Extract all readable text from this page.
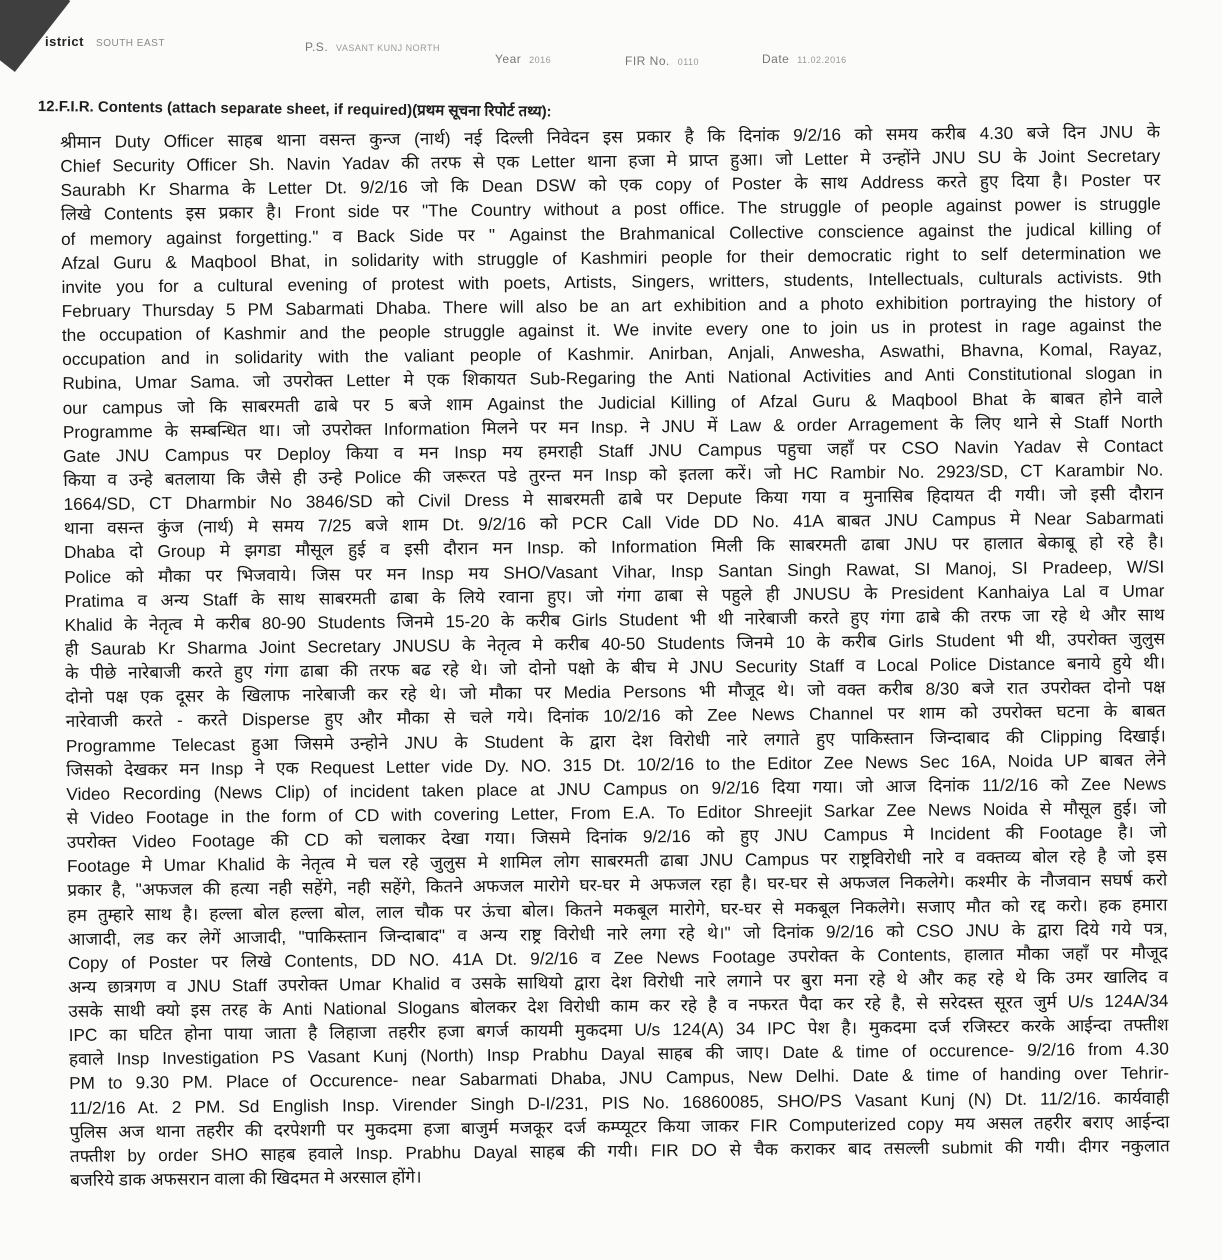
istrict SOUTH EAST	P.S. VASANT KUNJ NORTH
Year 2016	FIR No. 0110	Date 11.02.2016
12.F.I.R. Contents (attach separate sheet, if required)(प्रथम सूचना रिपोर्ट तथ्य):
श्रीमान Duty Officer साहब थाना वसन्त कुन्ज (नार्थ) नई दिल्ली निवेदन इस प्रकार है कि दिनांक 9/2/16 को समय करीब 4.30 बजे दिन JNU के
Chief Security Officer Sh. Navin Yadav की तरफ से एक Letter थाना हजा मे प्राप्त हुआ। जो Letter मे उन्होंने JNU SU के Joint Secretary
Saurabh Kr Sharma के Letter Dt. 9/2/16 जो कि Dean DSW को एक copy of Poster के साथ Address करते हुए दिया है। Poster पर
लिखे Contents इस प्रकार है। Front side पर "The Country without a post office. The struggle of people against power is struggle
of memory against forgetting." व Back Side पर " Against the Brahmanical Collective conscience against the judical killing of
Afzal Guru & Maqbool Bhat, in solidarity with struggle of Kashmiri people for their democratic right to self determination we
invite you for a cultural evening of protest with poets, Artists, Singers, writters, students, Intellectuals, culturals activists. 9th
February Thursday 5 PM Sabarmati Dhaba. There will also be an art exhibition and a photo exhibition portraying the history of
the occupation of Kashmir and the people struggle against it. We invite every one to join us in protest in rage against the
occupation and in solidarity with the valiant people of Kashmir. Anirban, Anjali, Anwesha, Aswathi, Bhavna, Komal, Rayaz,
Rubina, Umar Sama. जो उपरोक्त Letter मे एक शिकायत Sub-Regaring the Anti National Activities and Anti Constitutional slogan in
our campus जो कि साबरमती ढाबे पर 5 बजे शाम Against the Judicial Killing of Afzal Guru & Maqbool Bhat के बाबत होने वाले
Programme के सम्बन्धित था। जो उपरोक्त Information मिलने पर मन Insp. ने JNU में Law & order Arragement के लिए थाने से Staff North
Gate JNU Campus पर Deploy किया व मन Insp मय हमराही Staff JNU Campus पहुचा जहाँ पर CSO Navin Yadav से Contact
किया व उन्हे बतलाया कि जैसे ही उन्हे Police की जरूरत पडे तुरन्त मन Insp को इतला करें। जो HC Rambir No. 2923/SD, CT Karambir No.
1664/SD, CT Dharmbir No 3846/SD को Civil Dress मे साबरमती ढाबे पर Depute किया गया व मुनासिब हिदायत दी गयी। जो इसी दौरान
थाना वसन्त कुंज (नार्थ) मे समय 7/25 बजे शाम Dt. 9/2/16 को PCR Call Vide DD No. 41A बाबत JNU Campus मे Near Sabarmati
Dhaba दो Group मे झगडा मौसूल हुई व इसी दौरान मन Insp. को Information मिली कि साबरमती ढाबा JNU पर हालात बेकाबू हो रहे है।
Police को मौका पर भिजवाये। जिस पर मन Insp मय SHO/Vasant Vihar, Insp Santan Singh Rawat, SI Manoj, SI Pradeep, W/SI
Pratima व अन्य Staff के साथ साबरमती ढाबा के लिये रवाना हुए। जो गंगा ढाबा से पहुले ही JNUSU के President Kanhaiya Lal व Umar
Khalid के नेतृत्व मे करीब 80-90 Students जिनमे 15-20 के करीब Girls Student भी थी नारेबाजी करते हुए गंगा ढाबे की तरफ जा रहे थे और साथ
ही Saurab Kr Sharma Joint Secretary JNUSU के नेतृत्व मे करीब 40-50 Students जिनमे 10 के करीब Girls Student भी थी, उपरोक्त जुलुस
के पीछे नारेबाजी करते हुए गंगा ढाबा की तरफ बढ रहे थे। जो दोनो पक्षो के बीच मे JNU Security Staff व Local Police Distance बनाये हुये थी।
दोनो पक्ष एक दूसर के खिलाफ नारेबाजी कर रहे थे। जो मौका पर Media Persons भी मौजूद थे। जो वक्त करीब 8/30 बजे रात उपरोक्त दोनो पक्ष
नारेवाजी करते - करते Disperse हुए और मौका से चले गये। दिनांक 10/2/16 को Zee News Channel पर शाम को उपरोक्त घटना के बाबत
Programme Telecast हुआ जिसमे उन्होने JNU के Student के द्वारा देश विरोधी नारे लगाते हुए पाकिस्तान जिन्दाबाद की Clipping दिखाई।
जिसको देखकर मन Insp ने एक Request Letter vide Dy. NO. 315 Dt. 10/2/16 to the Editor Zee News Sec 16A, Noida UP बाबत लेने
Video Recording (News Clip) of incident taken place at JNU Campus on 9/2/16 दिया गया। जो आज दिनांक 11/2/16 को Zee News
से Video Footage in the form of CD with covering Letter, From E.A. To Editor Shreejit Sarkar Zee News Noida से मौसूल हुई। जो
उपरोक्त Video Footage की CD को चलाकर देखा गया। जिसमे दिनांक 9/2/16 को हुए JNU Campus मे Incident की Footage है। जो
Footage मे Umar Khalid के नेतृत्व मे चल रहे जुलुस मे शामिल लोग साबरमती ढाबा JNU Campus पर राष्ट्रविरोधी नारे व वक्तव्य बोल रहे है जो इस
प्रकार है, "अफजल की हत्या नही सहेंगे, नही सहेंगे, कितने अफजल मारोगे घर-घर मे अफजल रहा है। घर-घर से अफजल निकलेगे। कश्मीर के नौजवान सघर्ष करो
हम तुम्हारे साथ है। हल्ला बोल हल्ला बोल, लाल चौक पर ऊंचा बोल। कितने मकबूल मारोगे, घर-घर से मकबूल निकलेगे। सजाए मौत को रद्द करो। हक हमारा
आजादी, लड कर लेगें आजादी, "पाकिस्तान जिन्दाबाद" व अन्य राष्ट्र विरोधी नारे लगा रहे थे।" जो दिनांक 9/2/16 को CSO JNU के द्वारा दिये गये पत्र,
Copy of Poster पर लिखे Contents, DD NO. 41A Dt. 9/2/16 व Zee News Footage उपरोक्त के Contents, हालात मौका जहाँ पर मौजूद
अन्य छात्रगण व JNU Staff उपरोक्त Umar Khalid व उसके साथियो द्वारा देश विरोधी नारे लगाने पर बुरा मना रहे थे और कह रहे थे कि उमर खालिद व
उसके साथी क्यो इस तरह के Anti National Slogans बोलकर देश विरोधी काम कर रहे है व नफरत पैदा कर रहे है, से सरेदस्त सूरत जुर्म U/s 124A/34
IPC का घटित होना पाया जाता है लिहाजा तहरीर हजा बगर्ज कायमी मुकदमा U/s 124(A) 34 IPC पेश है। मुकदमा दर्ज रजिस्टर करके आईन्दा तफ्तीश
हवाले Insp Investigation PS Vasant Kunj (North) Insp Prabhu Dayal साहब की जाए। Date & time of occurence- 9/2/16 from 4.30
PM to 9.30 PM. Place of Occurence- near Sabarmati Dhaba, JNU Campus, New Delhi. Date & time of handing over Tehrir-
11/2/16 At. 2 PM. Sd English Insp. Virender Singh D-I/231, PIS No. 16860085, SHO/PS Vasant Kunj (N) Dt. 11/2/16. कार्यवाही
पुलिस अज थाना तहरीर की दरपेशगी पर मुकदमा हजा बाजुर्म मजकूर दर्ज कम्प्यूटर किया जाकर FIR Computerized copy मय असल तहरीर बराए आईन्दा
तफ्तीश by order SHO साहब हवाले Insp. Prabhu Dayal साहब की गयी। FIR DO से चैक कराकर बाद तसल्ली submit की गयी। दीगर नकुलात
बजरिये डाक अफसरान वाला की खिदमत मे अरसाल होंगे।
